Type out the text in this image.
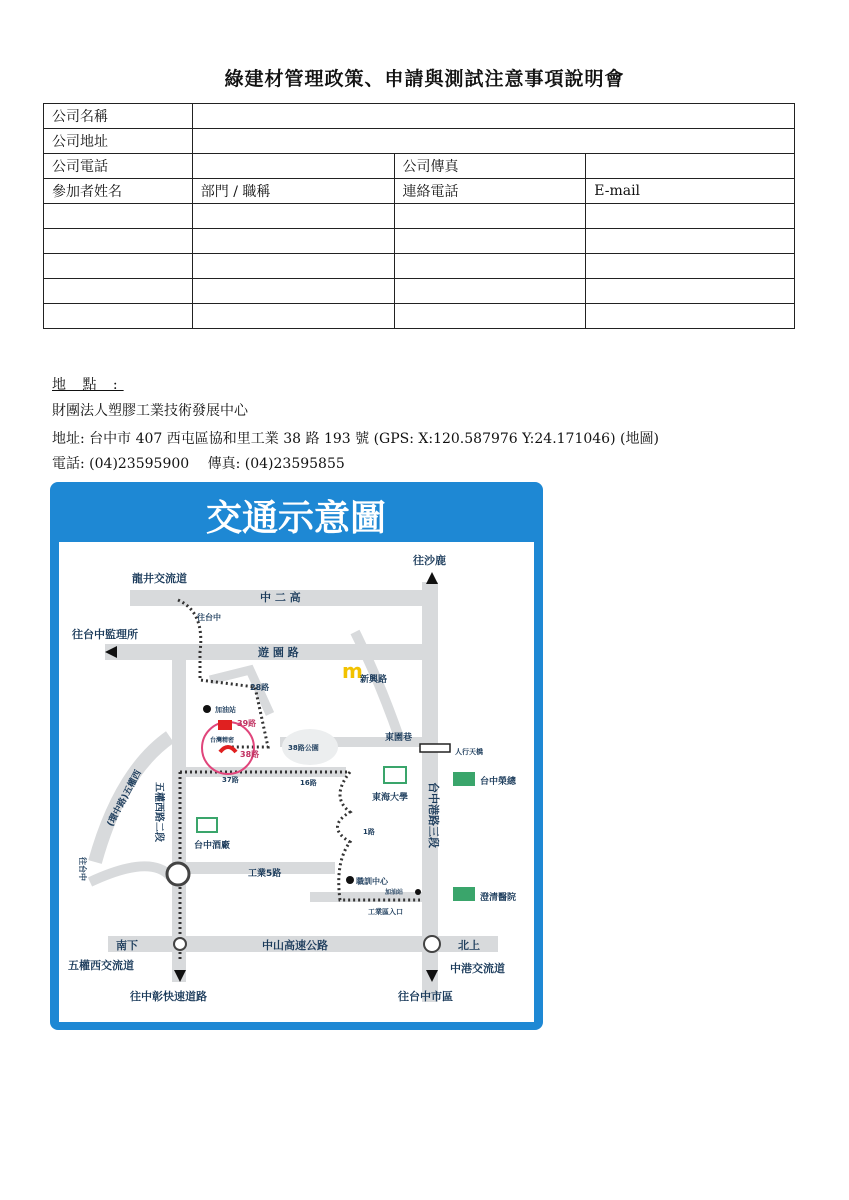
綠建材管理政策、申請與測試注意事項說明會
公司名稱			
公司地址			
公司電話		公司傳真	
參加者姓名	部門 / 職稱	連絡電話	E-mail

地 點 :
財團法人塑膠工業技術發展中心
地址: 台中市 407 西屯區協和里工業 38 路 193 號 (GPS: X:120.587976 Y:24.171046) (地圖)
電話: (04)23595900　 傳真: (04)23595855
交通示意圖
m
往沙鹿
龍井交流道
中 二 高
往台中監理所
遊 園 路
往台中
新興路
28路
加油站
39路
台灣精密
38路
38路公園
東園巷
人行天橋
台中榮總
(環中路)五權西	37路	16路
東海大學 台中港路三段
五權西路二段
台中酒廠
往台中
1路
工業5路
職訓中心
加油站
澄清醫院
工業區入口
南下	中山高速公路	北上
五權西交流道	中港交流道
往中彰快速道路	往台中市區
